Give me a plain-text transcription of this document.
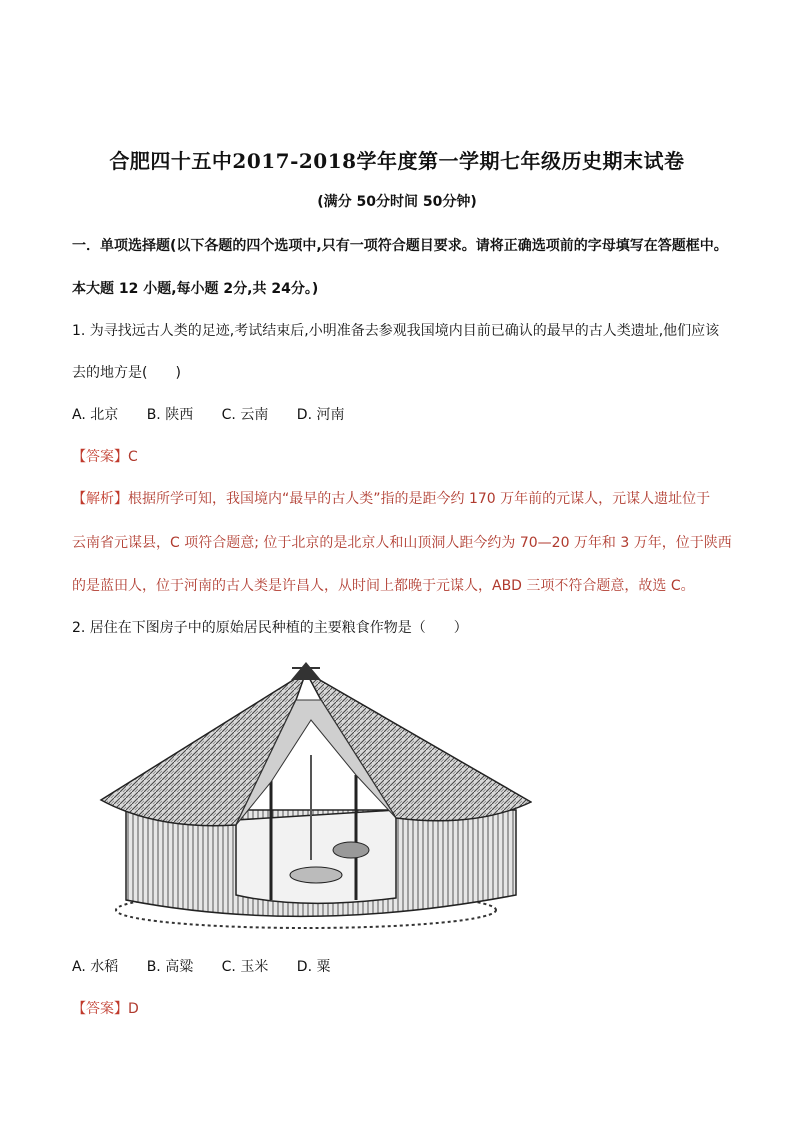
合肥四十五中2017-2018学年度第一学期七年级历史期末试卷
(满分 50分时间 50分钟)
一．单项选择题(以下各题的四个选项中,只有一项符合题目要求。请将正确选项前的字母填写在答题框中。
本大题 12 小题,每小题 2分,共 24分。)
1. 为寻找远古人类的足迹,考试结束后,小明准备去参观我国境内目前已确认的最早的古人类遗址,他们应该
去的地方是(　　)
A. 北京 B. 陕西 C. 云南 D. 河南
【答案】C
【解析】根据所学可知，我国境内“最早的古人类”指的是距今约 170 万年前的元谋人，元谋人遗址位于
云南省元谋县，C 项符合题意; 位于北京的是北京人和山顶洞人距今约为 70—20 万年和 3 万年，位于陕西
的是蓝田人，位于河南的古人类是许昌人，从时间上都晚于元谋人，ABD 三项不符合题意，故选 C。
2. 居住在下图房子中的原始居民种植的主要粮食作物是（　　）
A. 水稻 B. 高粱 C. 玉米 D. 粟
【答案】D
